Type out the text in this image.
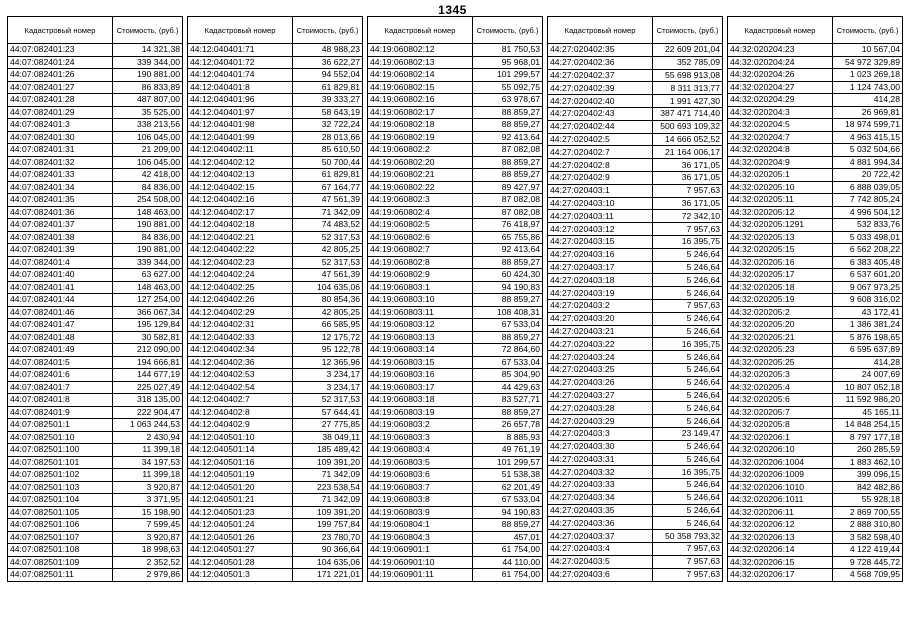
1345
Кадастровый номер	Стоимость, (руб.)
44:07:082401:23	14 321,38
44:07:082401:24	339 344,00
44:07:082401:26	190 881,00
44:07:082401:27	86 833,89
44:07:082401:28	487 807,00
44:07:082401:29	35 525,00
44:07:082401:3	338 213,56
44:07:082401:30	106 045,00
44:07:082401:31	21 209,00
44:07:082401:32	106 045,00
44:07:082401:33	42 418,00
44:07:082401:34	84 836,00
44:07:082401:35	254 508,00
44:07:082401:36	148 463,00
44:07:082401:37	190 881,00
44:07:082401:38	84 836,00
44:07:082401:39	190 881,00
44:07:082401:4	339 344,00
44:07:082401:40	63 627,00
44:07:082401:41	148 463,00
44:07:082401:44	127 254,00
44:07:082401:46	366 067,34
44:07:082401:47	195 129,84
44:07:082401:48	30 582,81
44:07:082401:49	212 090,00
44:07:082401:5	194 666,81
44:07:082401:6	144 677,19
44:07:082401:7	225 027,49
44:07:082401:8	318 135,00
44:07:082401:9	222 904,47
44:07:082501:1	1 063 244,53
44:07:082501:10	2 430,94
44:07:082501:100	11 399,18
44:07:082501:101	34 197,53
44:07:082501:102	11 399,18
44:07:082501:103	3 920,87
44:07:082501:104	3 371,95
44:07:082501:105	15 198,90
44:07:082501:106	7 599,45
44:07:082501:107	3 920,87
44:07:082501:108	18 998,63
44:07:082501:109	2 352,52
44:07:082501:11	2 979,86
Кадастровый номер	Стоимость, (руб.)
44:12:040401:71	48 988,23
44:12:040401:72	36 622,27
44:12:040401:74	94 552,04
44:12:040401:8	61 829,81
44:12:040401:96	39 333,27
44:12:040401:97	58 643,19
44:12:040401:98	32 722,24
44:12:040401:99	28 013,66
44:12:040402:11	85 610,50
44:12:040402:12	50 700,44
44:12:040402:13	61 829,81
44:12:040402:15	67 164,77
44:12:040402:16	47 561,39
44:12:040402:17	71 342,09
44:12:040402:18	74 483,52
44:12:040402:21	52 317,53
44:12:040402:22	42 805,25
44:12:040402:23	52 317,53
44:12:040402:24	47 561,39
44:12:040402:25	104 635,06
44:12:040402:26	80 854,36
44:12:040402:29	42 805,25
44:12:040402:31	66 585,95
44:12:040402:33	12 175,72
44:12:040402:34	95 122,78
44:12:040402:36	12 365,96
44:12:040402:53	3 234,17
44:12:040402:54	3 234,17
44:12:040402:7	52 317,53
44:12:040402:8	57 644,41
44:12:040402:9	27 775,85
44:12:040501:10	38 049,11
44:12:040501:14	185 489,42
44:12:040501:16	109 391,20
44:12:040501:19	71 342,09
44:12:040501:20	223 538,54
44:12:040501:21	71 342,09
44:12:040501:23	109 391,20
44:12:040501:24	199 757,84
44:12:040501:26	23 780,70
44:12:040501:27	90 366,64
44:12:040501:28	104 635,06
44:12:040501:3	171 221,01
Кадастровый номер	Стоимость, (руб.)
44:19:060802:12	81 750,53
44:19:060802:13	95 968,01
44:19:060802:14	101 299,57
44:19:060802:15	55 092,75
44:19:060802:16	63 978,67
44:19:060802:17	88 859,27
44:19:060802:18	88 859,27
44:19:060802:19	92 413,64
44:19:060802:2	87 082,08
44:19:060802:20	88 859,27
44:19:060802:21	88 859,27
44:19:060802:22	89 427,97
44:19:060802:3	87 082,08
44:19:060802:4	87 082,08
44:19:060802:5	76 418,97
44:19:060802:6	65 755,86
44:19:060802:7	92 413,64
44:19:060802:8	88 859,27
44:19:060802:9	60 424,30
44:19:060803:1	94 190,83
44:19:060803:10	88 859,27
44:19:060803:11	108 408,31
44:19:060803:12	67 533,04
44:19:060803:13	88 859,27
44:19:060803:14	72 864,60
44:19:060803:15	67 533,04
44:19:060803:16	85 304,90
44:19:060803:17	44 429,63
44:19:060803:18	83 527,71
44:19:060803:19	88 859,27
44:19:060803:2	26 657,78
44:19:060803:3	8 885,93
44:19:060803:4	49 761,19
44:19:060803:5	101 299,57
44:19:060803:6	51 538,38
44:19:060803:7	62 201,49
44:19:060803:8	67 533,04
44:19:060803:9	94 190,83
44:19:060804:1	88 859,27
44:19:060804:3	457,01
44:19:060901:1	61 754,00
44:19:060901:10	44 110,00
44:19:060901:11	61 754,00
Кадастровый номер	Стоимость, (руб.)
44:27:020402:35	22 609 201,04
44:27:020402:36	352 785,09
44:27:020402:37	55 698 913,08
44:27:020402:39	8 311 313,77
44:27:020402:40	1 991 427,30
44:27:020402:43	387 471 714,40
44:27:020402:44	500 693 109,32
44:27:020402:5	14 666 052,52
44:27:020402:7	21 164 006,17
44:27:020402:8	36 171,05
44:27:020402:9	36 171,05
44:27:020403:1	7 957,63
44:27:020403:10	36 171,05
44:27:020403:11	72 342,10
44:27:020403:12	7 957,63
44:27:020403:15	16 395,75
44:27:020403:16	5 246,64
44:27:020403:17	5 246,64
44:27:020403:18	5 246,64
44:27:020403:19	5 246,64
44:27:020403:2	7 957,63
44:27:020403:20	5 246,64
44:27:020403:21	5 246,64
44:27:020403:22	16 395,75
44:27:020403:24	5 246,64
44:27:020403:25	5 246,64
44:27:020403:26	5 246,64
44:27:020403:27	5 246,64
44:27:020403:28	5 246,64
44:27:020403:29	5 246,64
44:27:020403:3	23 149,47
44:27:020403:30	5 246,64
44:27:020403:31	5 246,64
44:27:020403:32	16 395,75
44:27:020403:33	5 246,64
44:27:020403:34	5 246,64
44:27:020403:35	5 246,64
44:27:020403:36	5 246,64
44:27:020403:37	50 358 793,32
44:27:020403:4	7 957,63
44:27:020403:5	7 957,63
44:27:020403:6	7 957,63
Кадастровый номер	Стоимость, (руб.)
44:32:020204:23	10 567,04
44:32:020204:24	54 972 329,89
44:32:020204:26	1 023 269,18
44:32:020204:27	1 124 743,00
44:32:020204:29	414,28
44:32:020204:3	26 969,81
44:32:020204:5	18 974 599,71
44:32:020204:7	4 963 415,15
44:32:020204:8	5 032 504,66
44:32:020204:9	4 881 994,34
44:32:020205:1	20 722,42
44:32:020205:10	6 888 039,05
44:32:020205:11	7 742 805,24
44:32:020205:12	4 996 504,12
44:32:020205:1291	532 833,76
44:32:020205:13	5 033 498,01
44:32:020205:15	6 562 208,22
44:32:020205:16	6 383 405,48
44:32:020205:17	6 537 601,20
44:32:020205:18	9 067 973,25
44:32:020205:19	9 608 316,02
44:32:020205:2	43 172,41
44:32:020205:20	1 386 381,24
44:32:020205:21	5 876 198,65
44:32:020205:23	6 595 637,89
44:32:020205:25	414,28
44:32:020205:3	24 007,69
44:32:020205:4	10 807 052,18
44:32:020205:6	11 592 986,20
44:32:020205:7	45 165,11
44:32:020205:8	14 848 254,15
44:32:020206:1	8 797 177,18
44:32:020206:10	260 285,59
44:32:020206:1004	1 883 462,10
44:32:020206:1009	399 096,15
44:32:020206:1010	842 482,86
44:32:020206:1011	55 928,18
44:32:020206:11	2 869 700,55
44:32:020206:12	2 888 310,80
44:32:020206:13	3 582 598,40
44:32:020206:14	4 122 419,44
44:32:020206:15	9 728 445,72
44:32:020206:17	4 568 709,95
